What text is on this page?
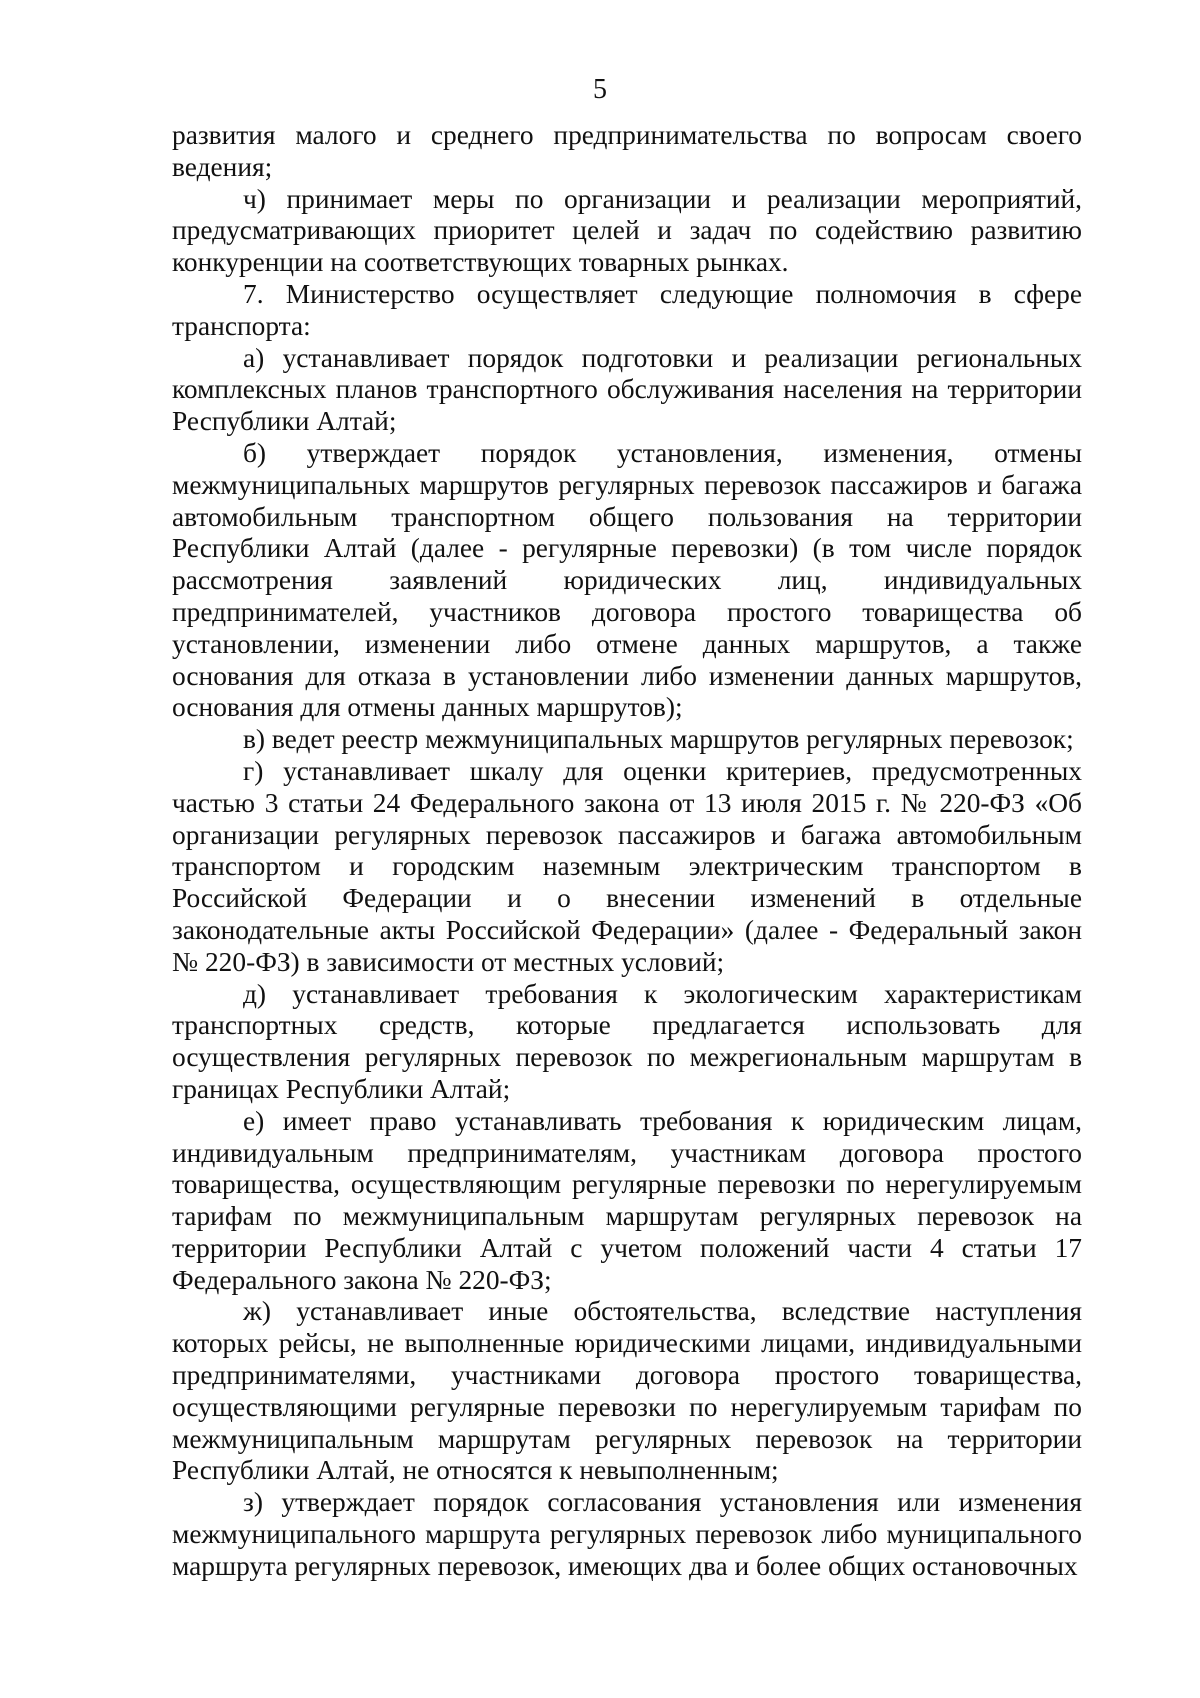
5

развития малого и среднего предпринимательства по вопросам своего ведения;

ч) принимает меры по организации и реализации мероприятий, предусматривающих приоритет целей и задач по содействию развитию конкуренции на соответствующих товарных рынках.

7. Министерство осуществляет следующие полномочия в сфере транспорта:

а) устанавливает порядок подготовки и реализации региональных комплексных планов транспортного обслуживания населения на территории Республики Алтай;

б) утверждает порядок установления, изменения, отмены межмуниципальных маршрутов регулярных перевозок пассажиров и багажа автомобильным транспортном общего пользования на территории Республики Алтай (далее - регулярные перевозки) (в том числе порядок рассмотрения заявлений юридических лиц, индивидуальных предпринимателей, участников договора простого товарищества об установлении, изменении либо отмене данных маршрутов, а также основания для отказа в установлении либо изменении данных маршрутов, основания для отмены данных маршрутов);

в) ведет реестр межмуниципальных маршрутов регулярных перевозок;

г) устанавливает шкалу для оценки критериев, предусмотренных частью 3 статьи 24 Федерального закона от 13 июля 2015 г. № 220-ФЗ «Об организации регулярных перевозок пассажиров и багажа автомобильным транспортом и городским наземным электрическим транспортом в Российской Федерации и о внесении изменений в отдельные законодательные акты Российской Федерации» (далее - Федеральный закон № 220-ФЗ) в зависимости от местных условий;

д) устанавливает требования к экологическим характеристикам транспортных средств, которые предлагается использовать для осуществления регулярных перевозок по межрегиональным маршрутам в границах Республики Алтай;

е) имеет право устанавливать требования к юридическим лицам, индивидуальным предпринимателям, участникам договора простого товарищества, осуществляющим регулярные перевозки по нерегулируемым тарифам по межмуниципальным маршрутам регулярных перевозок на территории Республики Алтай с учетом положений части 4 статьи 17 Федерального закона № 220-ФЗ;

ж) устанавливает иные обстоятельства, вследствие наступления которых рейсы, не выполненные юридическими лицами, индивидуальными предпринимателями, участниками договора простого товарищества, осуществляющими регулярные перевозки по нерегулируемым тарифам по межмуниципальным маршрутам регулярных перевозок на территории Республики Алтай, не относятся к невыполненным;

з) утверждает порядок согласования установления или изменения межмуниципального маршрута регулярных перевозок либо муниципального маршрута регулярных перевозок, имеющих два и более общих остановочных
